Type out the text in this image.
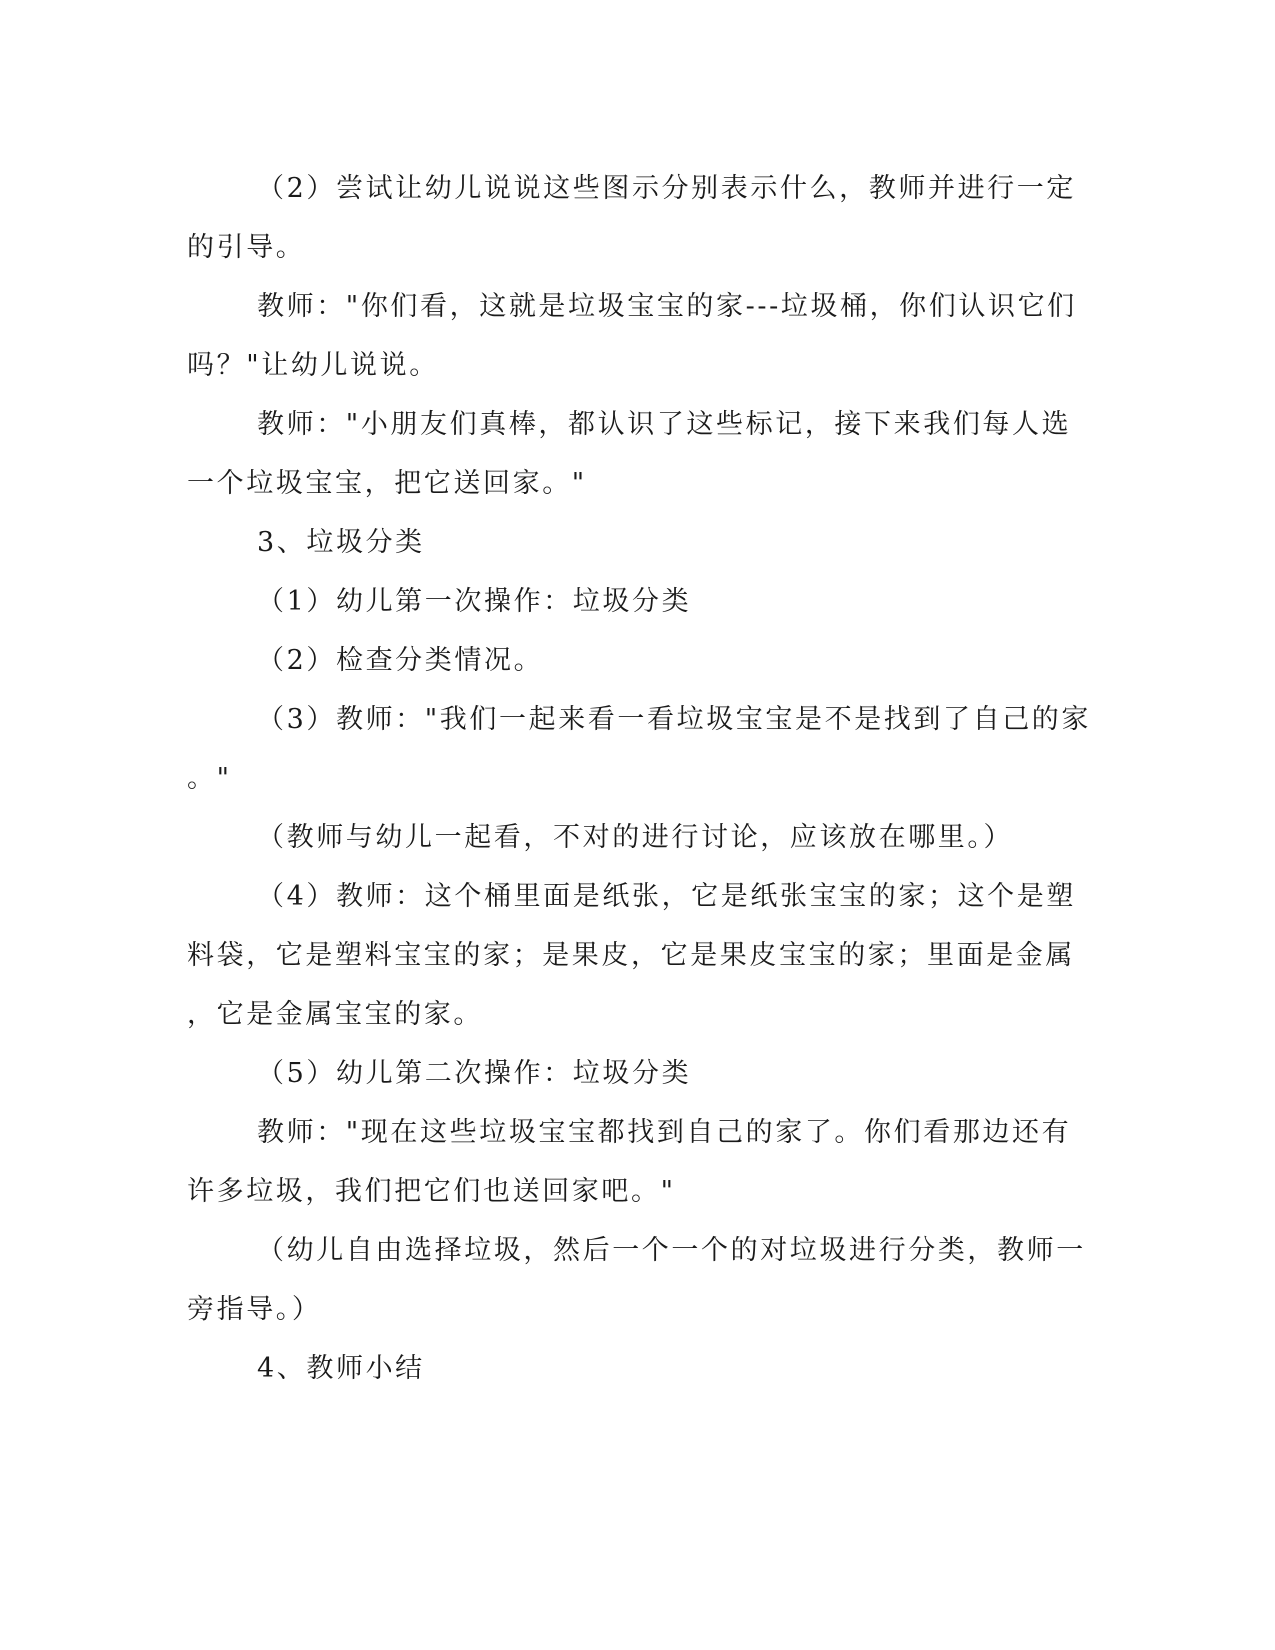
（2）尝试让幼儿说说这些图示分别表示什么，教师并进行一定
的引导。
教师："你们看，这就是垃圾宝宝的家---垃圾桶，你们认识它们
吗？"让幼儿说说。
教师："小朋友们真棒，都认识了这些标记，接下来我们每人选
一个垃圾宝宝，把它送回家。"
3、垃圾分类
（1）幼儿第一次操作：垃圾分类
（2）检查分类情况。
（3）教师："我们一起来看一看垃圾宝宝是不是找到了自己的家
。"
（教师与幼儿一起看，不对的进行讨论，应该放在哪里。）
（4）教师：这个桶里面是纸张，它是纸张宝宝的家；这个是塑
料袋，它是塑料宝宝的家；是果皮，它是果皮宝宝的家；里面是金属
，它是金属宝宝的家。
（5）幼儿第二次操作：垃圾分类
教师："现在这些垃圾宝宝都找到自己的家了。你们看那边还有
许多垃圾，我们把它们也送回家吧。"
（幼儿自由选择垃圾，然后一个一个的对垃圾进行分类，教师一
旁指导。）
4、教师小结
